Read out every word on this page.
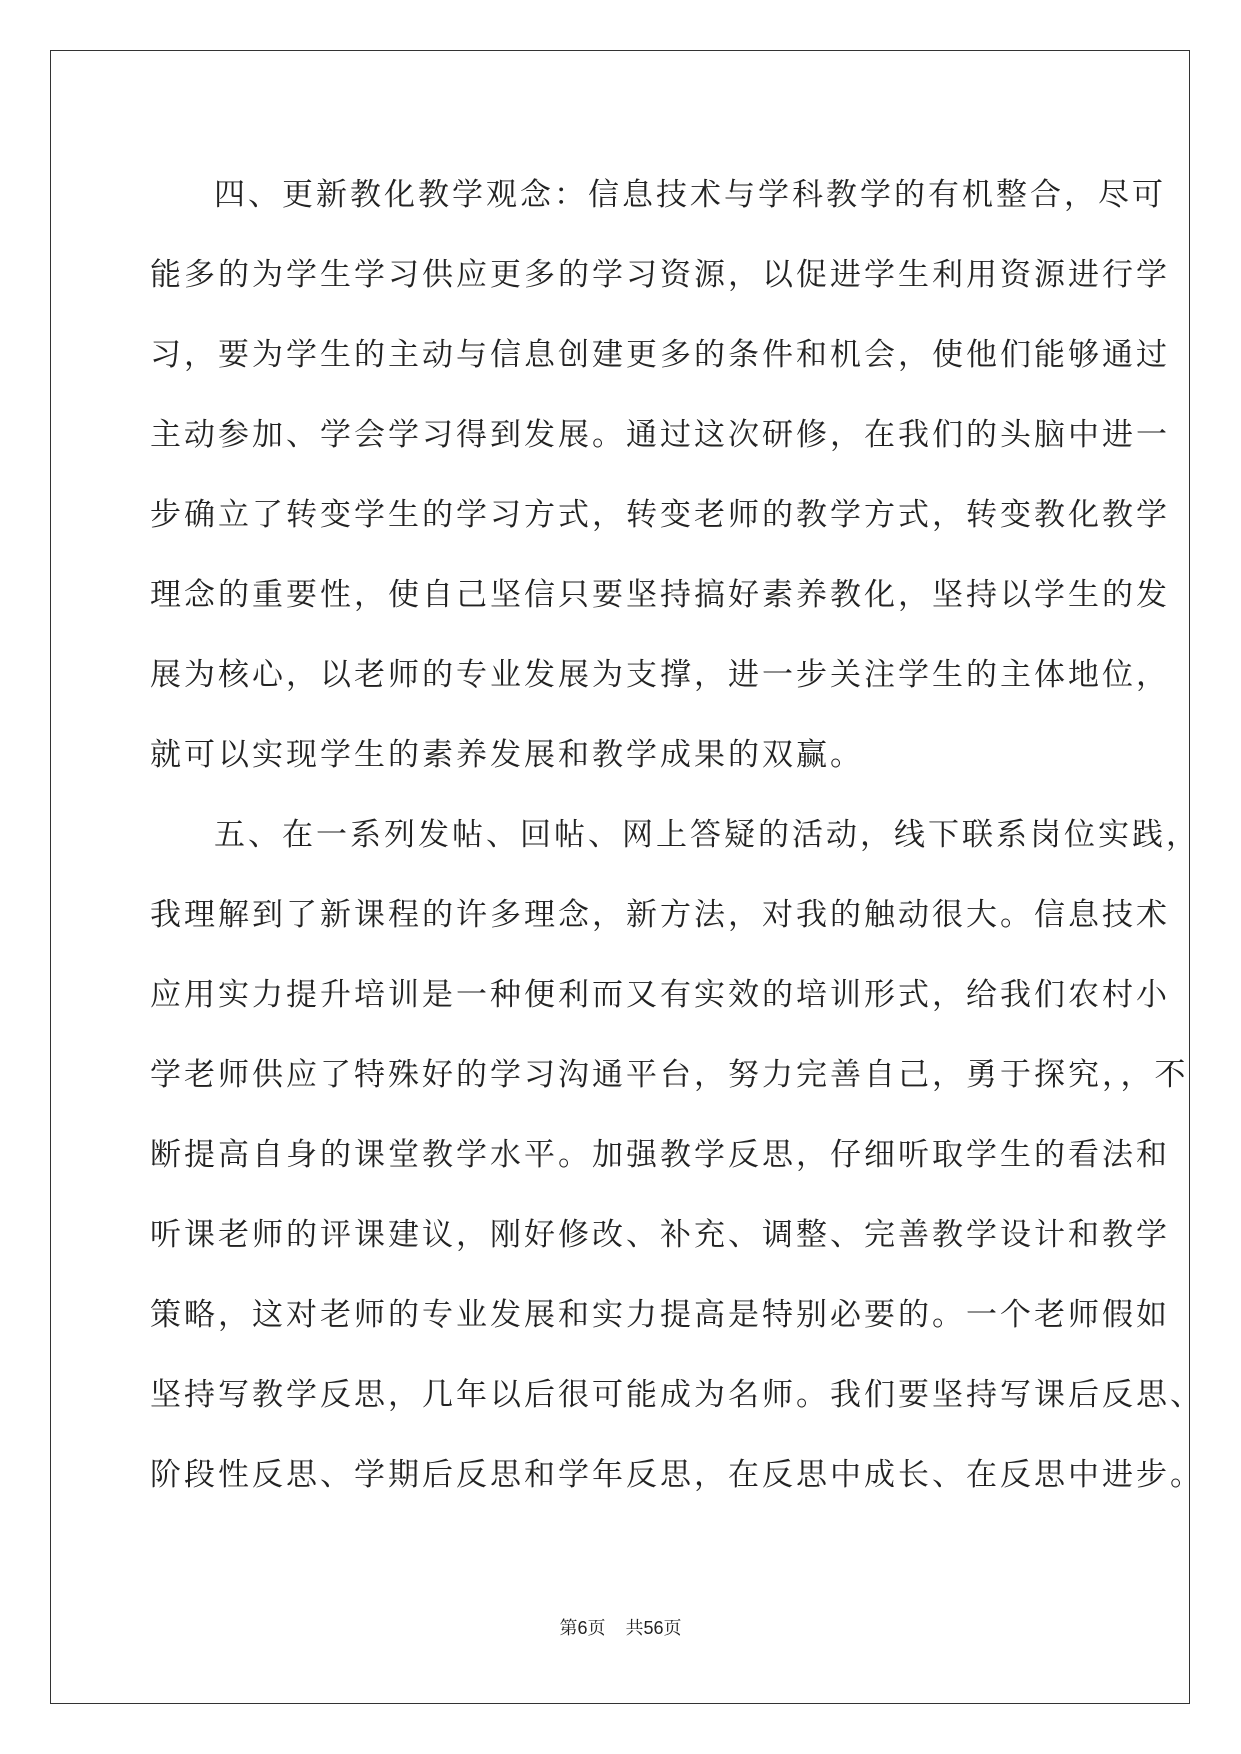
四、更新教化教学观念：信息技术与学科教学的有机整合，尽可
能多的为学生学习供应更多的学习资源，以促进学生利用资源进行学
习，要为学生的主动与信息创建更多的条件和机会，使他们能够通过
主动参加、学会学习得到发展。通过这次研修，在我们的头脑中进一
步确立了转变学生的学习方式，转变老师的教学方式，转变教化教学
理念的重要性，使自己坚信只要坚持搞好素养教化，坚持以学生的发
展为核心，以老师的专业发展为支撑，进一步关注学生的主体地位，
就可以实现学生的素养发展和教学成果的双赢。
五、在一系列发帖、回帖、网上答疑的活动，线下联系岗位实践，
我理解到了新课程的许多理念，新方法，对我的触动很大。信息技术
应用实力提升培训是一种便利而又有实效的培训形式，给我们农村小
学老师供应了特殊好的学习沟通平台，努力完善自己，勇于探究，，不
断提高自身的课堂教学水平。加强教学反思，仔细听取学生的看法和
听课老师的评课建议，刚好修改、补充、调整、完善教学设计和教学
策略，这对老师的专业发展和实力提高是特别必要的。一个老师假如
坚持写教学反思，几年以后很可能成为名师。我们要坚持写课后反思、
阶段性反思、学期后反思和学年反思，在反思中成长、在反思中进步。
第6页 共56页
